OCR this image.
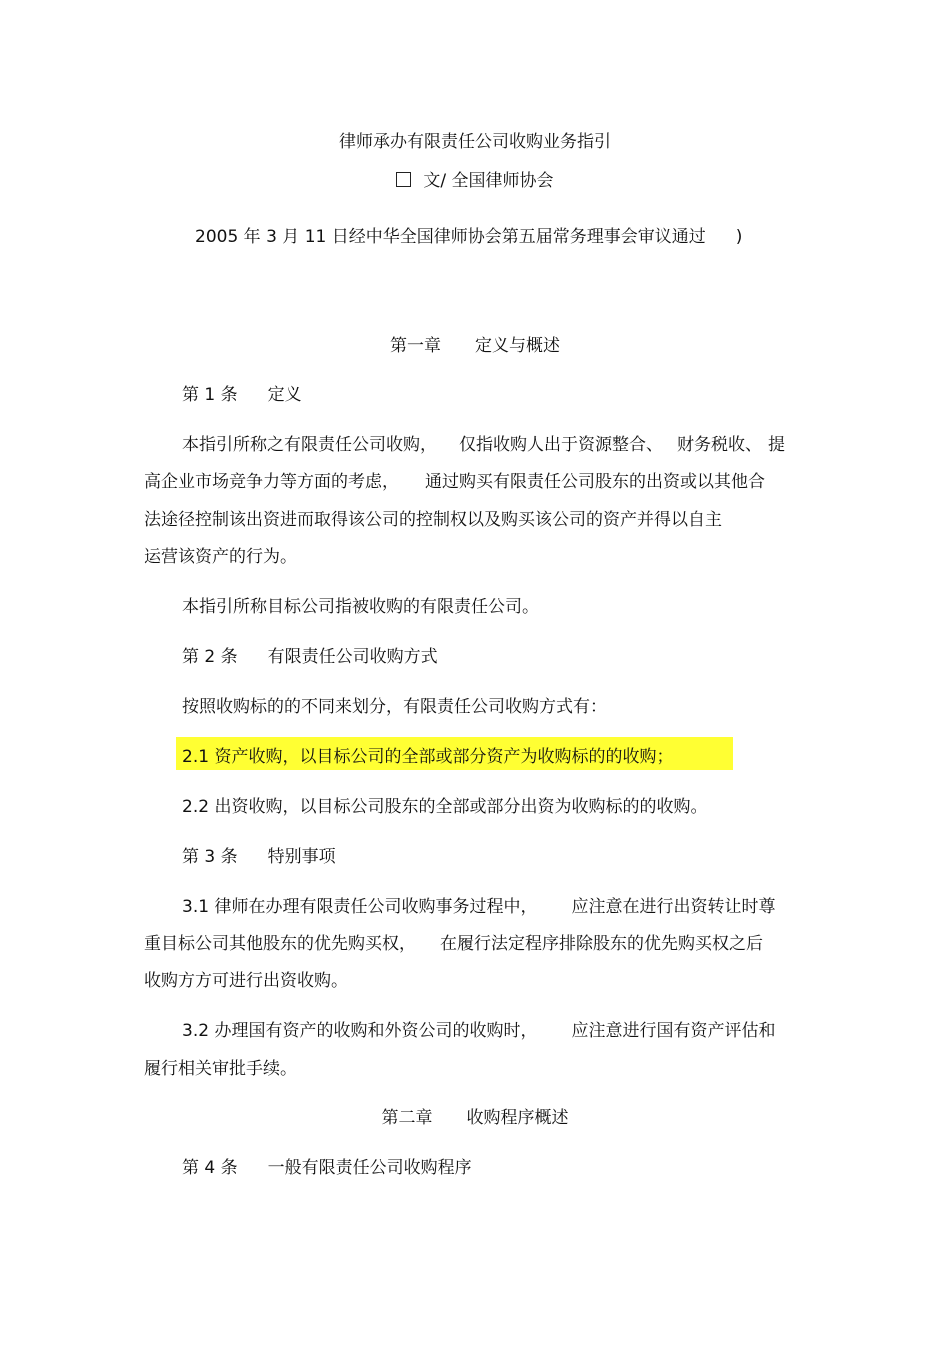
律师承办有限责任公司收购业务指引
文/ 全国律师协会
2005 年 3 月 11 日经中华全国律师协会第五届常务理事会审议通过 )
第一章 定义与概述
第 1 条 定义
本指引所称之有限责任公司收购， 仅指收购人出于资源整合、 财务税收、 提
高企业市场竞争力等方面的考虑， 通过购买有限责任公司股东的出资或以其他合
法途径控制该出资进而取得该公司的控制权以及购买该公司的资产并得以自主
运营该资产的行为。
本指引所称目标公司指被收购的有限责任公司。
第 2 条 有限责任公司收购方式
按照收购标的的不同来划分，有限责任公司收购方式有：
2.1 资产收购，以目标公司的全部或部分资产为收购标的的收购；
2.2 出资收购，以目标公司股东的全部或部分出资为收购标的的收购。
第 3 条 特别事项
3.1 律师在办理有限责任公司收购事务过程中， 应注意在进行出资转让时尊
重目标公司其他股东的优先购买权， 在履行法定程序排除股东的优先购买权之后
收购方方可进行出资收购。
3.2 办理国有资产的收购和外资公司的收购时， 应注意进行国有资产评估和
履行相关审批手续。
第二章 收购程序概述
第 4 条 一般有限责任公司收购程序
